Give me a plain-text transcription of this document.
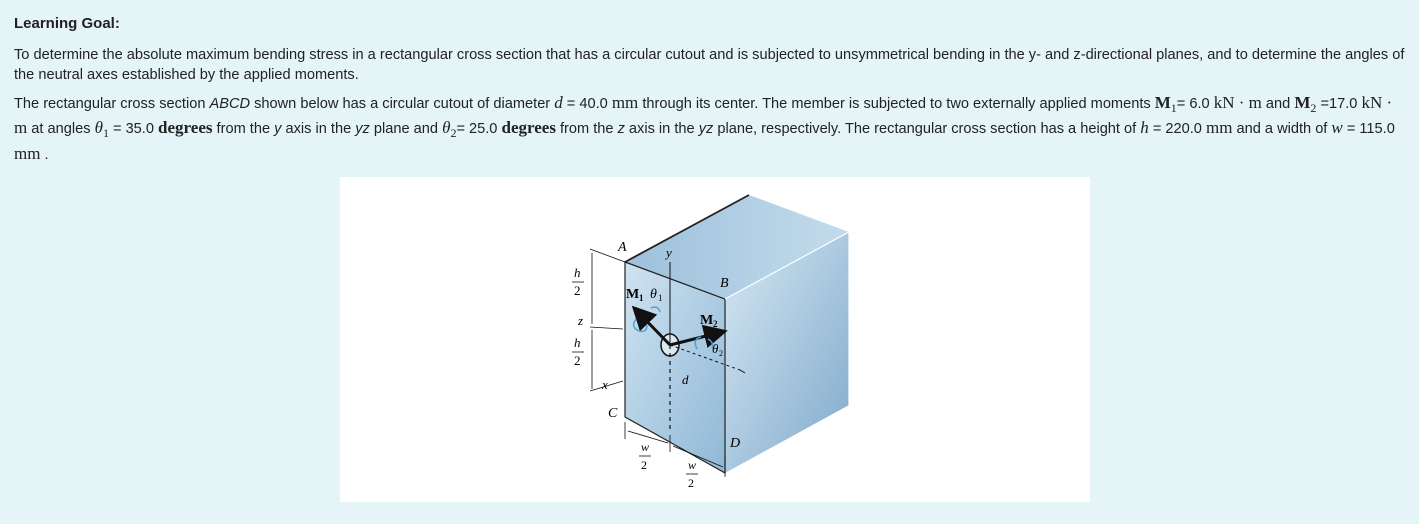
Learning Goal:

To determine the absolute maximum bending stress in a rectangular cross section that has a circular cutout and is subjected to unsymmetrical bending in the y- and z-directional planes, and to determine the angles of the neutral axes established by the applied moments.

The rectangular cross section ABCD shown below has a circular cutout of diameter d = 40.0 mm through its center. The member is subjected to two externally applied moments $M_1= 6.0$ kN · m and $M_2 =17.0$ kN · m at angles $\theta_1 = 35.0$ degrees from the y axis in the yz plane and $\theta_2= 25.0$ degrees from the z axis in the yz plane, respectively. The rectangular cross section has a height of h = 220.0 mm and a width of w = 115.0 mm .

A
B
C
D
y
z
x	d
M 1 θ 1
M 2
θ 2
h
2
h
2
w
2	w
2
